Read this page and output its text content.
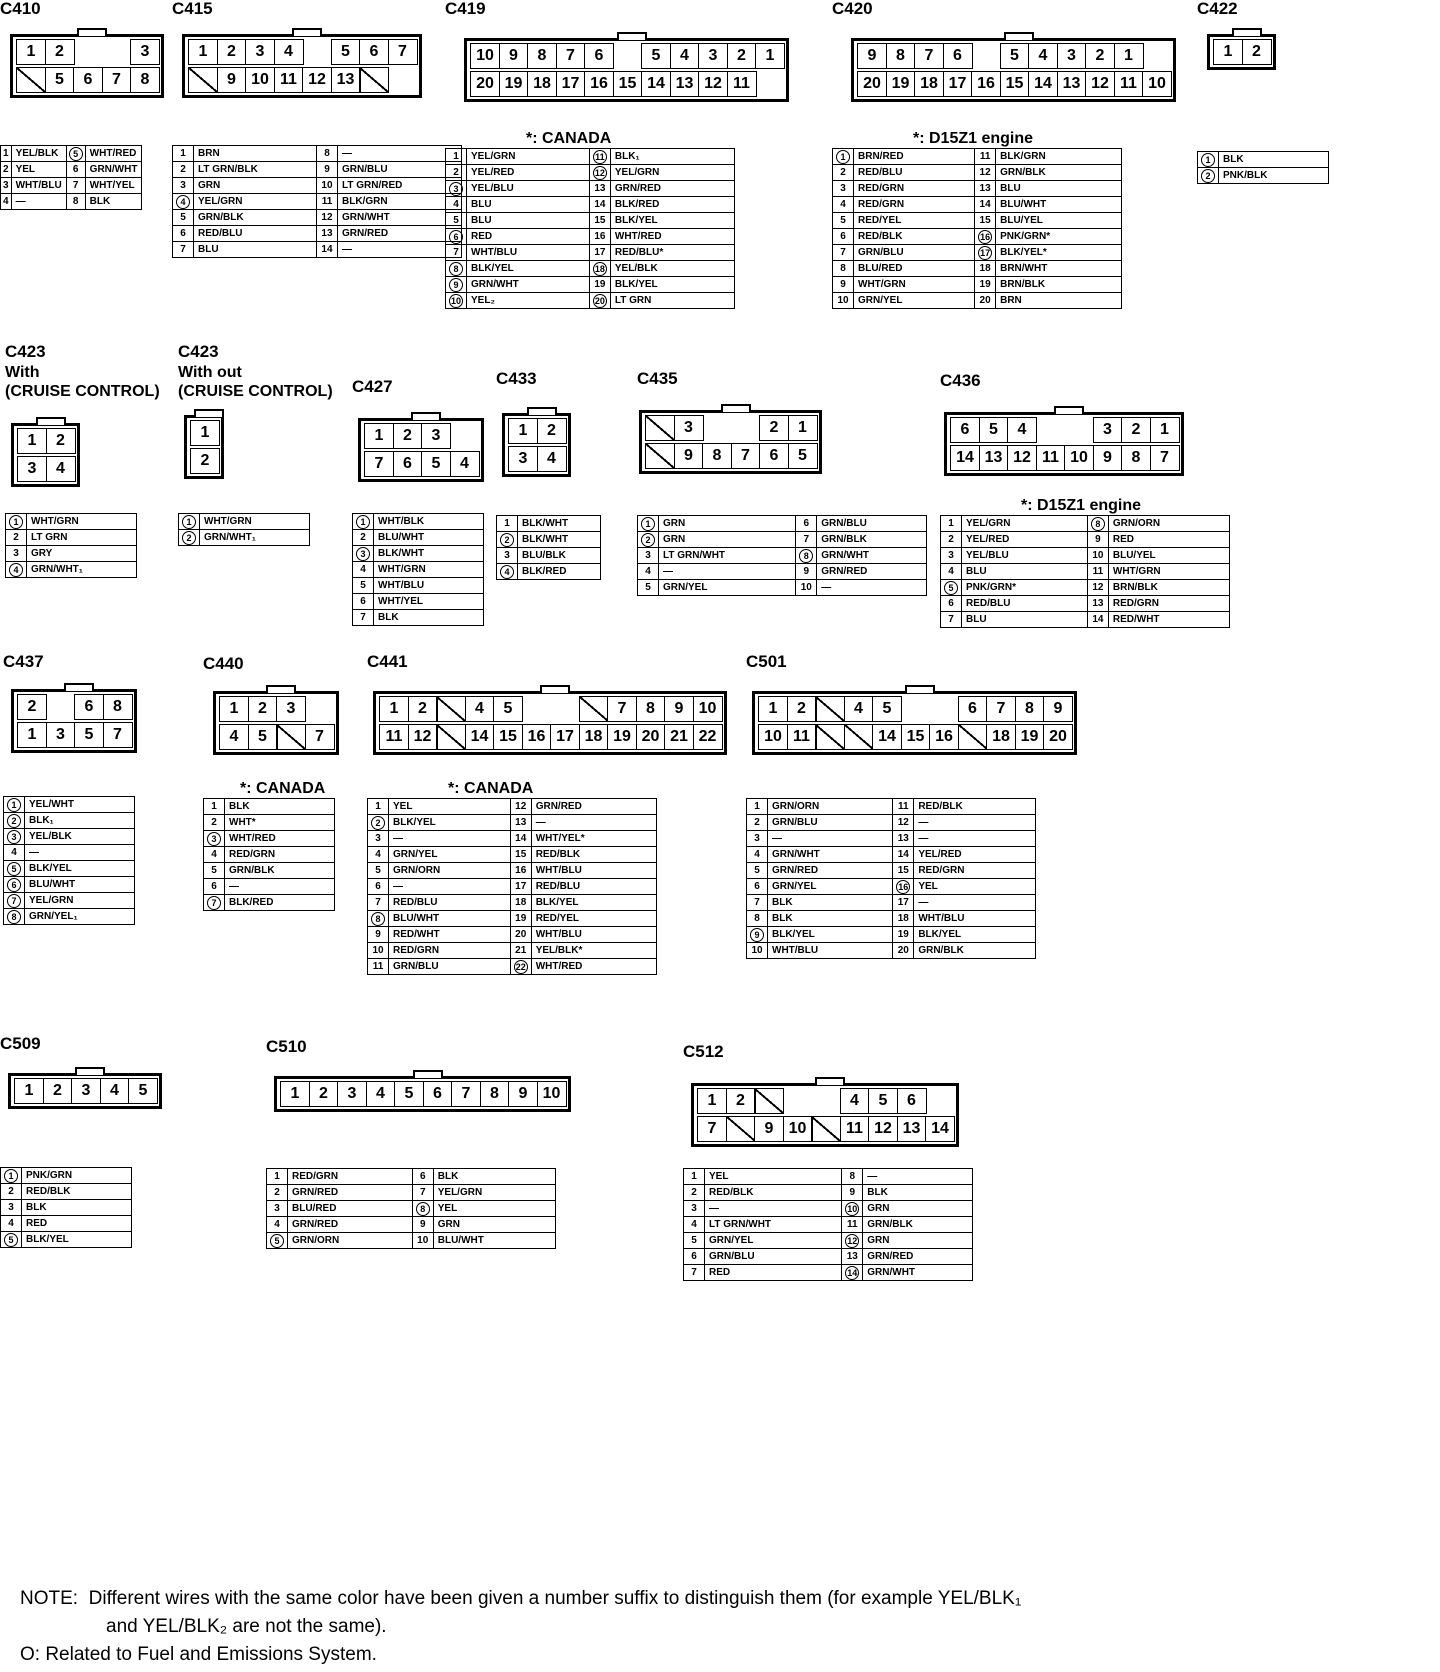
C410
1	2	3
5	6	7	8
1	YEL/BLK	5	WHT/RED
2	YEL	6	GRN/WHT
3	WHT/BLU	7	WHT/YEL
4	—	8	BLK
C415
1	2	3	4	5	6	7
9 10 11 12 13
1	BRN	8	—
2	LT GRN/BLK	9	GRN/BLU
3	GRN	10	LT GRN/RED
4	YEL/GRN	11	BLK/GRN
5	GRN/BLK	12	GRN/WHT
6	RED/BLU	13	GRN/RED
7	BLU	14	—
C419
10 9	8	7	6	5	4	3	2	1
20 19 18 17 16 15 14 13 12 11
*: CANADA
1	YEL/GRN	11	BLK₁
2	YEL/RED	12	YEL/GRN
3	YEL/BLU	13	GRN/RED
4	BLU	14	BLK/RED
5	BLU	15	BLK/YEL
6	RED	16	WHT/RED
7	WHT/BLU	17	RED/BLU*
8	BLK/YEL	18	YEL/BLK
9	GRN/WHT	19	BLK/YEL
10	YEL₂	20	LT GRN
C420
9	8	7	6	5	4	3	2	1
20 19 18 17 16 15 14 13 12 11 10
*: D15Z1 engine
1	BRN/RED	11	BLK/GRN
2	RED/BLU	12	GRN/BLK
3	RED/GRN	13	BLU
4	RED/GRN	14	BLU/WHT
5	RED/YEL	15	BLU/YEL
6	RED/BLK	16	PNK/GRN*
7	GRN/BLU	17	BLK/YEL*
8	BLU/RED	18	BRN/WHT
9	WHT/GRN	19	BRN/BLK
10	GRN/YEL	20	BRN
C422
1	2
1	BLK
2	PNK/BLK
C423
With
(CRUISE CONTROL)
1	2
3	4
1	WHT/GRN
2	LT GRN
3	GRY
4	GRN/WHT₁
C423
With out
(CRUISE CONTROL)
1
2
1	WHT/GRN
2	GRN/WHT₁
C427
1	2	3
7	6	5	4
1	WHT/BLK
2	BLU/WHT
3	BLK/WHT
4	WHT/GRN
5	WHT/BLU
6	WHT/YEL
7	BLK
C433
1	2
3	4
1	BLK/WHT
2	BLK/WHT
3	BLU/BLK
4	BLK/RED
C435
3	2	1
9	8	7	6	5
1	GRN	6	GRN/BLU
2	GRN	7	GRN/BLK
3	LT GRN/WHT	8	GRN/WHT
4	—	9	GRN/RED
5	GRN/YEL	10	—
C436
6	5	4	3	2	1
14 13 12 11 10 9	8	7
*: D15Z1 engine
1	YEL/GRN	8	GRN/ORN
2	YEL/RED	9	RED
3	YEL/BLU	10	BLU/YEL
4	BLU	11	WHT/GRN
5	PNK/GRN*	12	BRN/BLK
6	RED/BLU	13	RED/GRN
7	BLU	14	RED/WHT
C437
2	6	8
1	3	5	7
1	YEL/WHT
2	BLK₁
3	YEL/BLK
4	—
5	BLK/YEL
6	BLU/WHT
7	YEL/GRN
8	GRN/YEL₁
C440
1	2	3
4	5	7
*: CANADA
1	BLK
2	WHT*
3	WHT/RED
4	RED/GRN
5	GRN/BLK
6	—
7	BLK/RED
C441
1	2	4	5	7	8	9 10
11 12	14 15 16 17 18 19 20 21 22
*: CANADA
1	YEL	12	GRN/RED
2	BLK/YEL	13	—
3	—	14	WHT/YEL*
4	GRN/YEL	15	RED/BLK
5	GRN/ORN	16	WHT/BLU
6	—	17	RED/BLU
7	RED/BLU	18	BLK/YEL
8	BLU/WHT	19	RED/YEL
9	RED/WHT	20	WHT/BLU
10	RED/GRN	21	YEL/BLK*
11	GRN/BLU	22	WHT/RED
C501
1	2	4	5	6	7	8	9
10 11	14 15 16	18 19 20
1	GRN/ORN	11	RED/BLK
2	GRN/BLU	12	—
3	—	13	—
4	GRN/WHT	14	YEL/RED
5	GRN/RED	15	RED/GRN
6	GRN/YEL	16	YEL
7	BLK	17	—
8	BLK	18	WHT/BLU
9	BLK/YEL	19	BLK/YEL
10	WHT/BLU	20	GRN/BLK
C509
1	2	3	4	5
1	PNK/GRN
2	RED/BLK
3	BLK
4	RED
5	BLK/YEL
C510
1	2	3	4	5	6	7	8	9 10
1	RED/GRN	6	BLK
2	GRN/RED	7	YEL/GRN
3	BLU/RED	8	YEL
4	GRN/RED	9	GRN
5	GRN/ORN	10	BLU/WHT
C512
1	2	4	5	6
7	9 10	11 12 13 14
1	YEL	8	—
2	RED/BLK	9	BLK
3	—	10	GRN
4	LT GRN/WHT	11	GRN/BLK
5	GRN/YEL	12	GRN
6	GRN/BLU	13	GRN/RED
7	RED	14	GRN/WHT
NOTE: Different wires with the same color have been given a number suffix to distinguish them (for example YEL/BLK₁
and YEL/BLK₂ are not the same).
O: Related to Fuel and Emissions System.
